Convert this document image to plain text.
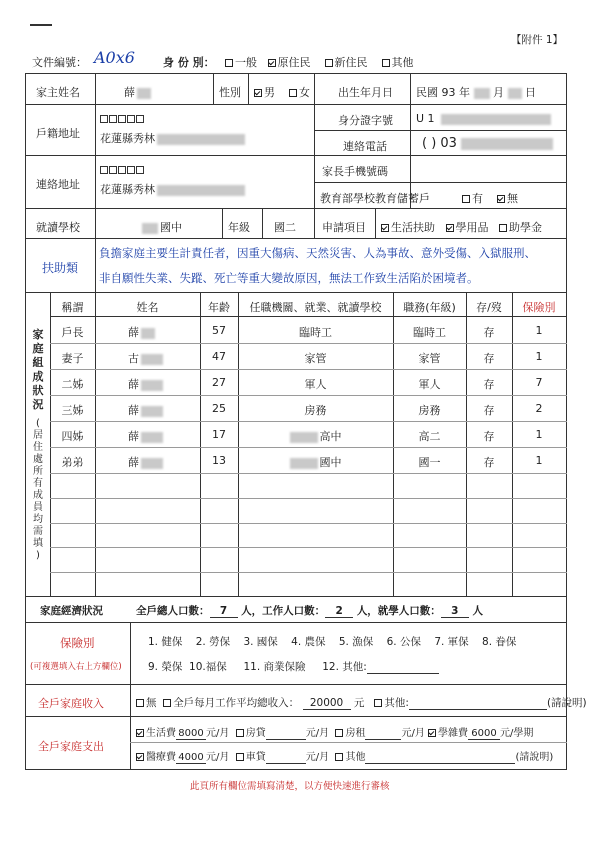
【附件 1】
文件編號： A0x6	身 份 別：	一般 原住民 新住民 其他
家主姓名	薛	性別	男 女	出生年月日 民國 93 年 月 日
戶籍地址 花蓮縣秀林
身分證字號 U 1
連絡電話	( ) 03
連絡地址 花蓮縣秀林
家長手機號碼
教育部學校教育儲蓄戶	有 無
就讀學校	國中	年級 國二 申請項目	生活扶助 學用品 助學金
扶助類
負擔家庭主要生計責任者，因重大傷病、天然災害、人為事故、意外受傷、入獄服刑、
非自願性失業、失蹤、死亡等重大變故原因，無法工作致生活陷於困境者。
家
庭
組
成
狀
況
(
居
住
處
所
有
成
員
均
需
填
)
稱謂	姓名	年齡	任職機關、就業、就讀學校	職務(年級)	存/歿	保險別
戶長	薛	57	臨時工	臨時工	存	1
妻子	古	47	家管	家管	存	1
二姊	薛	27	軍人	軍人	存	7
三姊	薛	25	房務	房務	存	2
四姊	薛	17	高中	高二	存	1
弟弟	薛	13	國中	國一	存	1
家庭經濟狀況	全戶總人口數： 7 人，工作人口數： 2 人，就學人口數： 3 人
保險別
(可複選填入右上方欄位)
1. 健保 2. 勞保 3. 國保 4. 農保 5. 漁保 6. 公保 7. 軍保 8. 眷保
9. 榮保 10.福保 11. 商業保險 12. 其他:
全戶家庭收入	無 全戶每月工作平均總收入： 20000 元 其他:	(請說明)
全戶家庭支出
生活費 8000 元/月 房貸	元/月 房租	元/月 學雜費 6000 元/學期
醫療費 4000 元/月 車貸	元/月 其他	(請說明)
此頁所有欄位需填寫清楚，以方便快速進行審核
